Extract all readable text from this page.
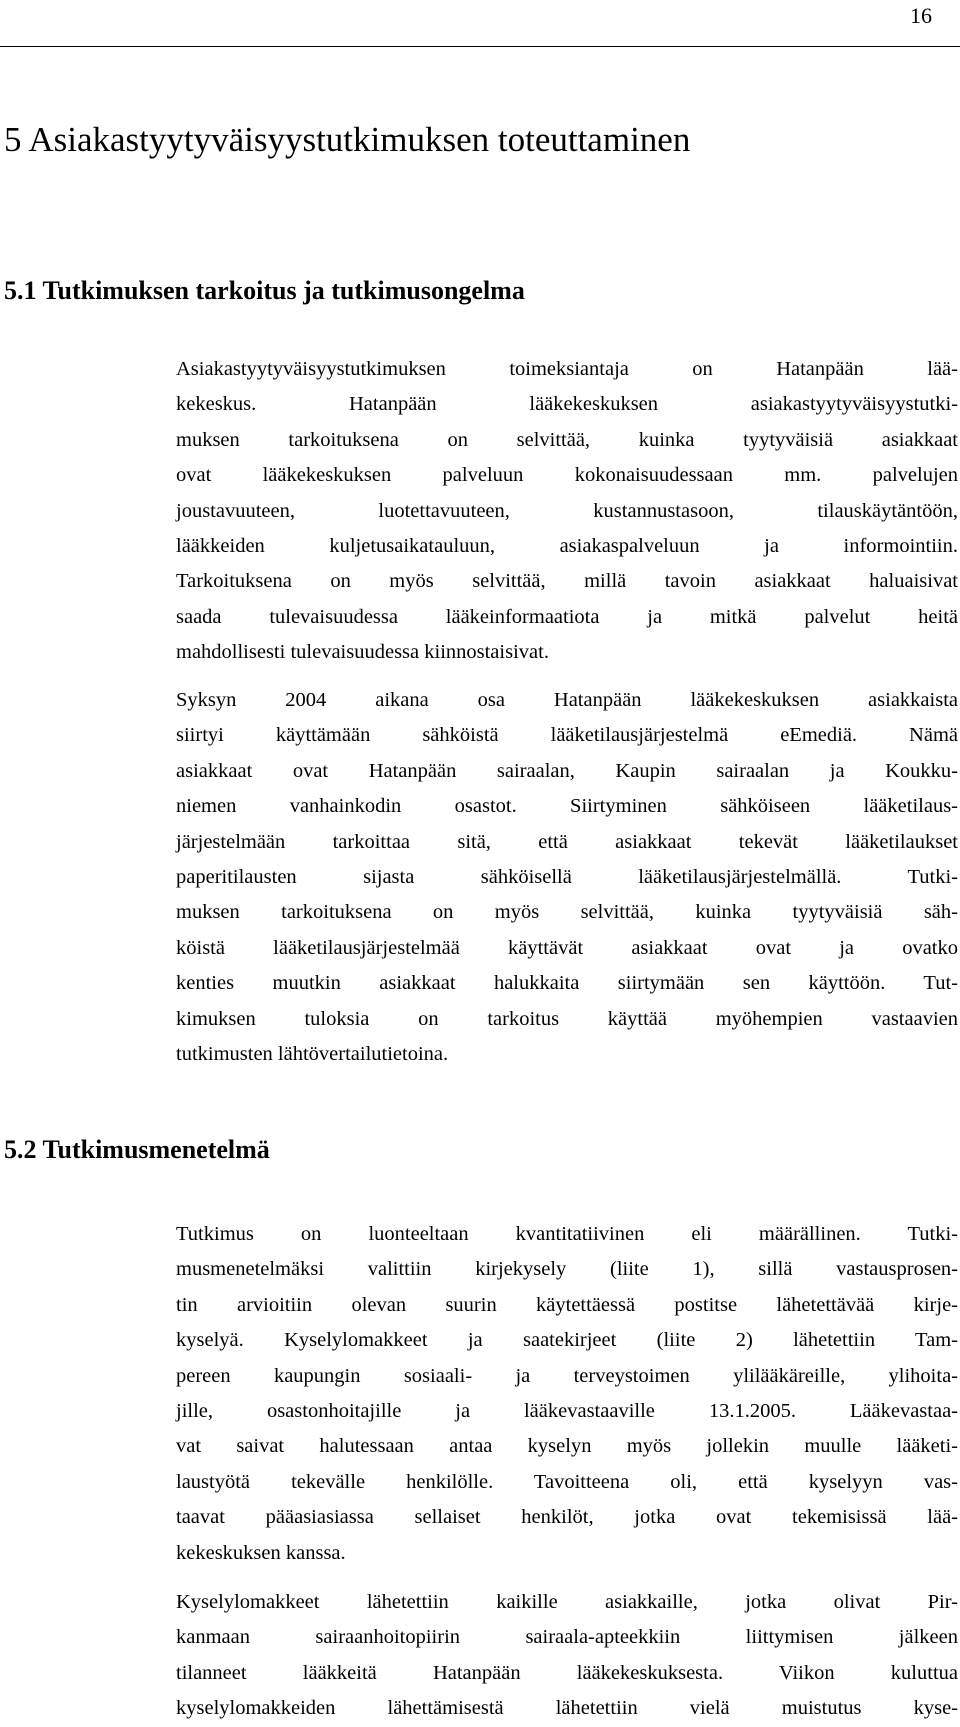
16
5 Asiakastyytyväisyystutkimuksen toteuttaminen
5.1 Tutkimuksen tarkoitus ja tutkimusongelma

Asiakastyytyväisyystutkimuksen toimeksiantaja on Hatanpään lää-
kekeskus. Hatanpään lääkekeskuksen asiakastyytyväisyystutki-
muksen tarkoituksena on selvittää, kuinka tyytyväisiä asiakkaat
ovat lääkekeskuksen palveluun kokonaisuudessaan mm. palvelujen
joustavuuteen, luotettavuuteen, kustannustasoon, tilauskäytäntöön,
lääkkeiden kuljetusaikatauluun, asiakaspalveluun ja informointiin.
Tarkoituksena on myös selvittää, millä tavoin asiakkaat haluaisivat
saada tulevaisuudessa lääkeinformaatiota ja mitkä palvelut heitä
mahdollisesti tulevaisuudessa kiinnostaisivat.

Syksyn 2004 aikana osa Hatanpään lääkekeskuksen asiakkaista
siirtyi käyttämään sähköistä lääketilausjärjestelmä eEmediä. Nämä
asiakkaat ovat Hatanpään sairaalan, Kaupin sairaalan ja Koukku-
niemen vanhainkodin osastot. Siirtyminen sähköiseen lääketilaus-
järjestelmään tarkoittaa sitä, että asiakkaat tekevät lääketilaukset
paperitilausten sijasta sähköisellä lääketilausjärjestelmällä. Tutki-
muksen tarkoituksena on myös selvittää, kuinka tyytyväisiä säh-
köistä lääketilausjärjestelmää käyttävät asiakkaat ovat ja ovatko
kenties muutkin asiakkaat halukkaita siirtymään sen käyttöön. Tut-
kimuksen tuloksia on tarkoitus käyttää myöhempien vastaavien
tutkimusten lähtövertailutietoina.

5.2 Tutkimusmenetelmä

Tutkimus on luonteeltaan kvantitatiivinen eli määrällinen. Tutki-
musmenetelmäksi valittiin kirjekysely (liite 1), sillä vastausprosen-
tin arvioitiin olevan suurin käytettäessä postitse lähetettävää kirje-
kyselyä. Kyselylomakkeet ja saatekirjeet (liite 2) lähetettiin Tam-
pereen kaupungin sosiaali- ja terveystoimen ylilääkäreille, ylihoita-
jille, osastonhoitajille ja lääkevastaaville 13.1.2005. Lääkevastaa-
vat saivat halutessaan antaa kyselyn myös jollekin muulle lääketi-
laustyötä tekevälle henkilölle. Tavoitteena oli, että kyselyyn vas-
taavat pääasiasiassa sellaiset henkilöt, jotka ovat tekemisissä lää-
kekeskuksen kanssa.

Kyselylomakkeet lähetettiin kaikille asiakkaille, jotka olivat Pir-
kanmaan sairaanhoitopiirin sairaala-apteekkiin liittymisen jälkeen
tilanneet lääkkeitä Hatanpään lääkekeskuksesta. Viikon kuluttua
kyselylomakkeiden lähettämisestä lähetettiin vielä muistutus kyse-
